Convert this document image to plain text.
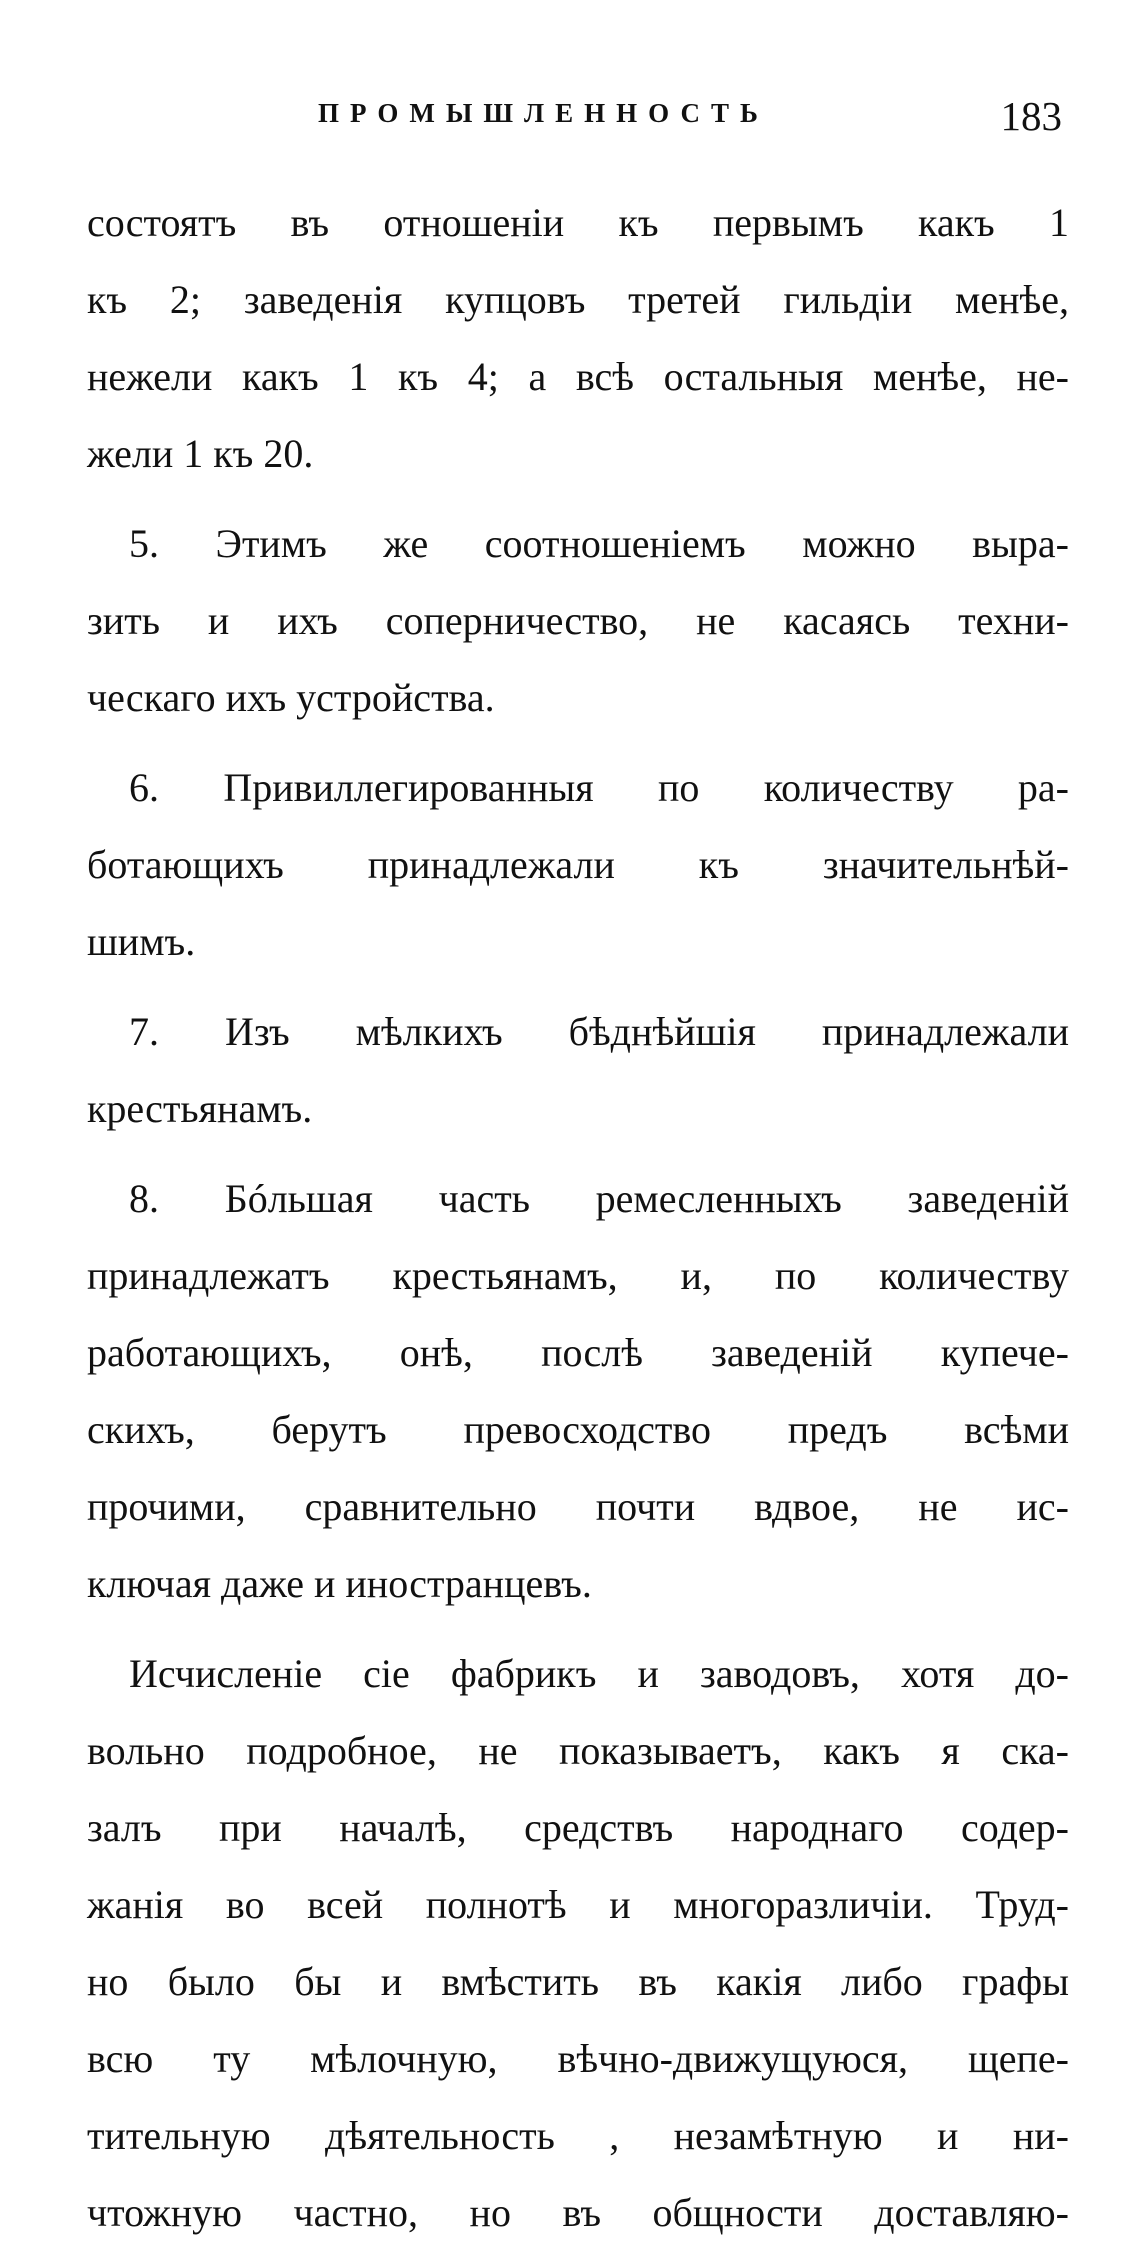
ПРОМЫШЛЕННОСТЬ	183
состоятъ въ отношеніи къ первымъ какъ 1
къ 2; заведенія купцовъ третей гильдіи менѣе,
нежели какъ 1 къ 4; а всѣ остальныя менѣе, не-
жели 1 къ 20.
5. Этимъ же соотношеніемъ можно выра-
зить и ихъ соперничество, не касаясь техни-
ческаго ихъ устройства.
6. Привиллегированныя по количеству ра-
ботающихъ принадлежали къ значительнѣй-
шимъ.
7. Изъ мѣлкихъ бѣднѣйшія принадлежали
крестьянамъ.
8. Бóльшая часть ремесленныхъ заведеній
принадлежатъ крестьянамъ, и, по количеству
работающихъ, онѣ, послѣ заведеній купече-
скихъ, берутъ превосходство предъ всѣми
прочими, сравнительно почти вдвое, не ис-
ключая даже и иностранцевъ.
Исчисленіе сіе фабрикъ и заводовъ, хотя до-
вольно подробное, не показываетъ, какъ я ска-
залъ при началѣ, средствъ народнаго содер-
жанія во всей полнотѣ и многоразличіи. Труд-
но было бы и вмѣстить въ какія либо графы
всю ту мѣлочную, вѣчно-движущуюся, щепе-
тительную дѣятельность , незамѣтную и ни-
чтожную частно, но въ общности доставляю-
